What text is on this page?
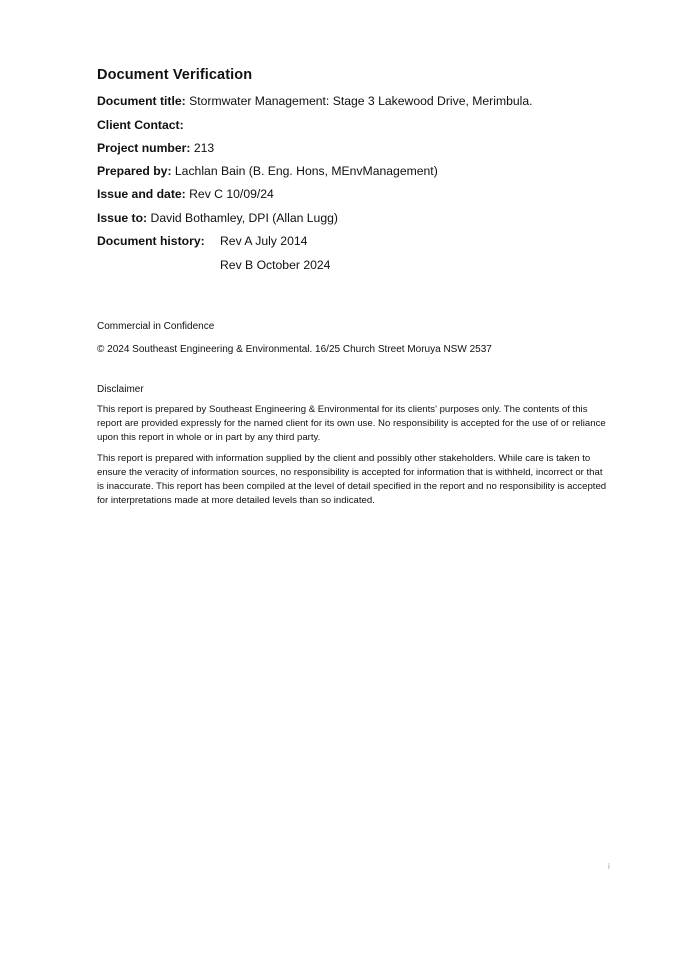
Document Verification
Document title: Stormwater Management: Stage 3 Lakewood Drive, Merimbula.
Client Contact:
Project number: 213
Prepared by: Lachlan Bain (B. Eng. Hons, MEnvManagement)
Issue and date: Rev C 10/09/24
Issue to: David Bothamley, DPI (Allan Lugg)
Document history: Rev A July 2014
Rev B October 2024
Commercial in Confidence
© 2024 Southeast Engineering & Environmental. 16/25 Church Street Moruya NSW 2537
Disclaimer

This report is prepared by Southeast Engineering & Environmental for its clients' purposes only. The contents of this report are provided expressly for the named client for its own use. No responsibility is accepted for the use of or reliance upon this report in whole or in part by any third party.

This report is prepared with information supplied by the client and possibly other stakeholders. While care is taken to ensure the veracity of information sources, no responsibility is accepted for information that is withheld, incorrect or that is inaccurate. This report has been compiled at the level of detail specified in the report and no responsibility is accepted for interpretations made at more detailed levels than so indicated.

i
